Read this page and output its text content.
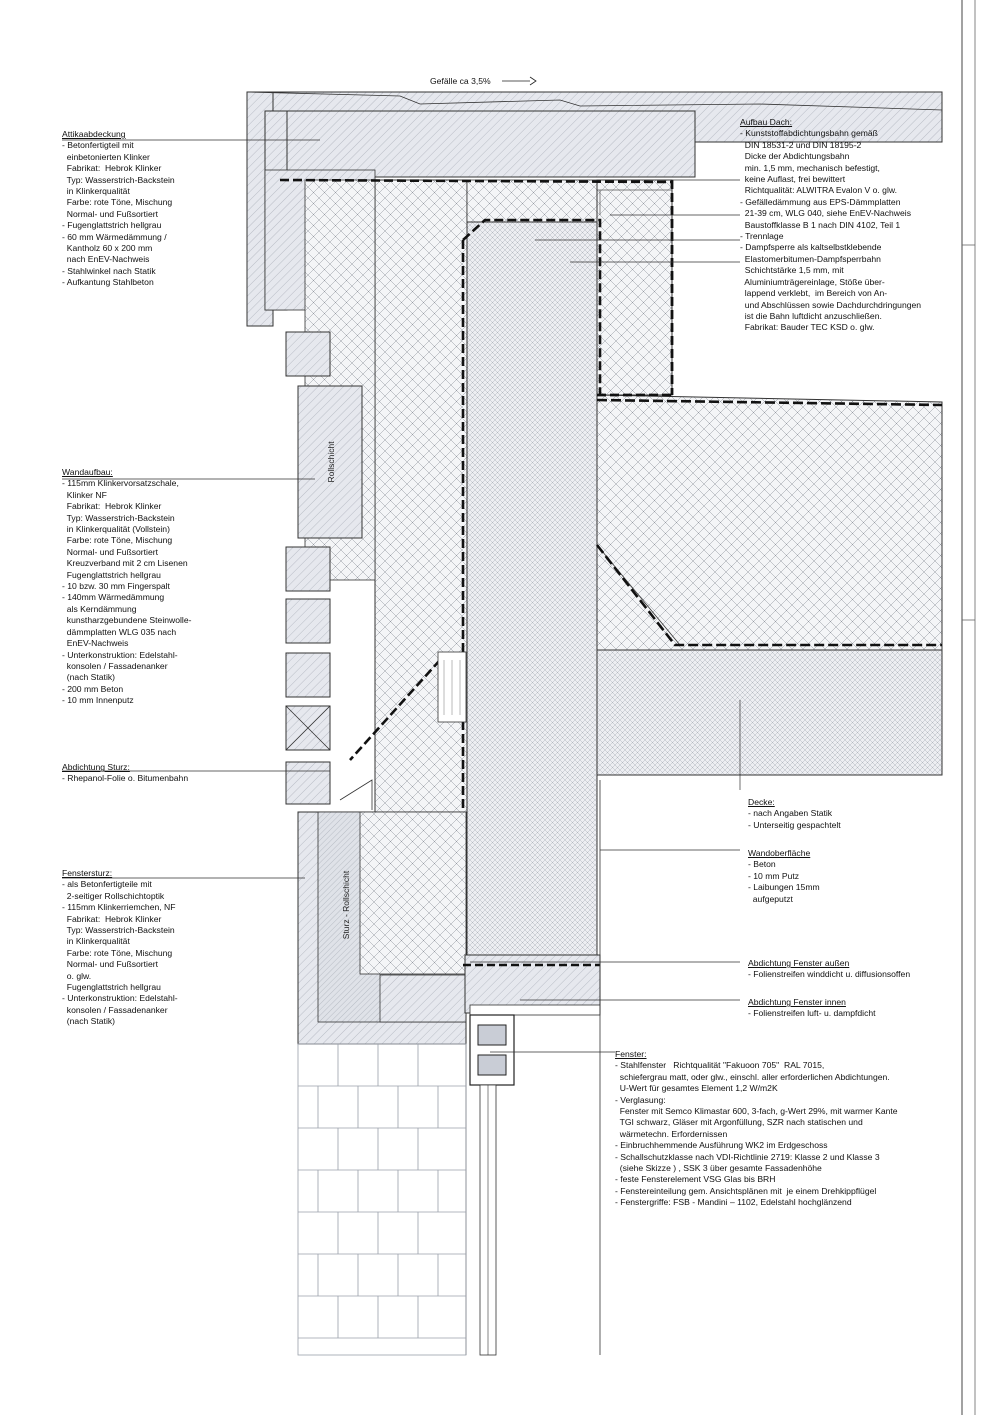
Rollschicht
Sturz - Rollschicht
Gefälle ca 3,5%
Attikaabdeckung
- Betonfertigteil mit
einbetonierten Klinker
Fabrikat:  Hebrok Klinker
Typ: Wasserstrich-Backstein
in Klinkerqualität
Farbe: rote Töne, Mischung
Normal- und Fußsortiert
- Fugenglattstrich hellgrau
- 60 mm Wärmedämmung /
Kantholz 60 x 200 mm
nach EnEV-Nachweis
- Stahlwinkel nach Statik
- Aufkantung Stahlbeton
Aufbau Dach:
- Kunststoffabdichtungsbahn gemäß
DIN 18531-2 und DIN 18195-2
Dicke der Abdichtungsbahn
min. 1,5 mm, mechanisch befestigt,
keine Auflast, frei bewittert
Richtqualität: ALWITRA Evalon V o. glw.
- Gefälledämmung aus EPS-Dämmplatten
21-39 cm, WLG 040, siehe EnEV-Nachweis
Baustoffklasse B 1 nach DIN 4102, Teil 1
- Trennlage
- Dampfsperre als kaltselbstklebende
Elastomerbitumen-Dampfsperrbahn
Schichtstärke 1,5 mm, mit
Aluminiumträgereinlage, Stöße über-
lappend verklebt,  im Bereich von An-
und Abschlüssen sowie Dachdurchdringungen
ist die Bahn luftdicht anzuschließen.
Fabrikat: Bauder TEC KSD o. glw.
Wandaufbau:
- 115mm Klinkervorsatzschale,
Klinker NF
Fabrikat:  Hebrok Klinker
Typ: Wasserstrich-Backstein
in Klinkerqualität (Vollstein)
Farbe: rote Töne, Mischung
Normal- und Fußsortiert
Kreuzverband mit 2 cm Lisenen
Fugenglattstrich hellgrau
- 10 bzw. 30 mm Fingerspalt
- 140mm Wärmedämmung
als Kerndämmung
kunstharzgebundene Steinwolle-
dämmplatten WLG 035 nach
EnEV-Nachweis
- Unterkonstruktion: Edelstahl-
konsolen / Fassadenanker
(nach Statik)
- 200 mm Beton
- 10 mm Innenputz
Abdichtung Sturz:
- Rhepanol-Folie o. Bitumenbahn
Fenstersturz:
- als Betonfertigteile mit
2-seitiger Rollschichtoptik
- 115mm Klinkerriemchen, NF
Fabrikat:  Hebrok Klinker
Typ: Wasserstrich-Backstein
in Klinkerqualität
Farbe: rote Töne, Mischung
Normal- und Fußsortiert
o. glw.
Fugenglattstrich hellgrau
- Unterkonstruktion: Edelstahl-
konsolen / Fassadenanker
(nach Statik)
Decke:
- nach Angaben Statik
- Unterseitig gespachtelt
Wandoberfläche
- Beton
- 10 mm Putz
- Laibungen 15mm
aufgeputzt
Abdichtung Fenster außen
- Folienstreifen winddicht u. diffusionsoffen
Abdichtung Fenster innen
- Folienstreifen luft- u. dampfdicht
Fenster:
- Stahlfenster   Richtqualität "Fakuoon 705"  RAL 7015,
schiefergrau matt, oder glw., einschl. aller erforderlichen Abdichtungen.
U-Wert für gesamtes Element 1,2 W/m2K
- Verglasung:
Fenster mit Semco Klimastar 600, 3-fach, g-Wert 29%, mit warmer Kante
TGI schwarz, Gläser mit Argonfüllung, SZR nach statischen und
wärmetechn. Erfordernissen
- Einbruchhemmende Ausführung WK2 im Erdgeschoss
- Schallschutzklasse nach VDI-Richtlinie 2719: Klasse 2 und Klasse 3
(siehe Skizze ) , SSK 3 über gesamte Fassadenhöhe
- feste Fensterelement VSG Glas bis BRH
- Fenstereinteilung gem. Ansichtsplänen mit  je einem Drehkippflügel
- Fenstergriffe: FSB - Mandini – 1102, Edelstahl hochglänzend
